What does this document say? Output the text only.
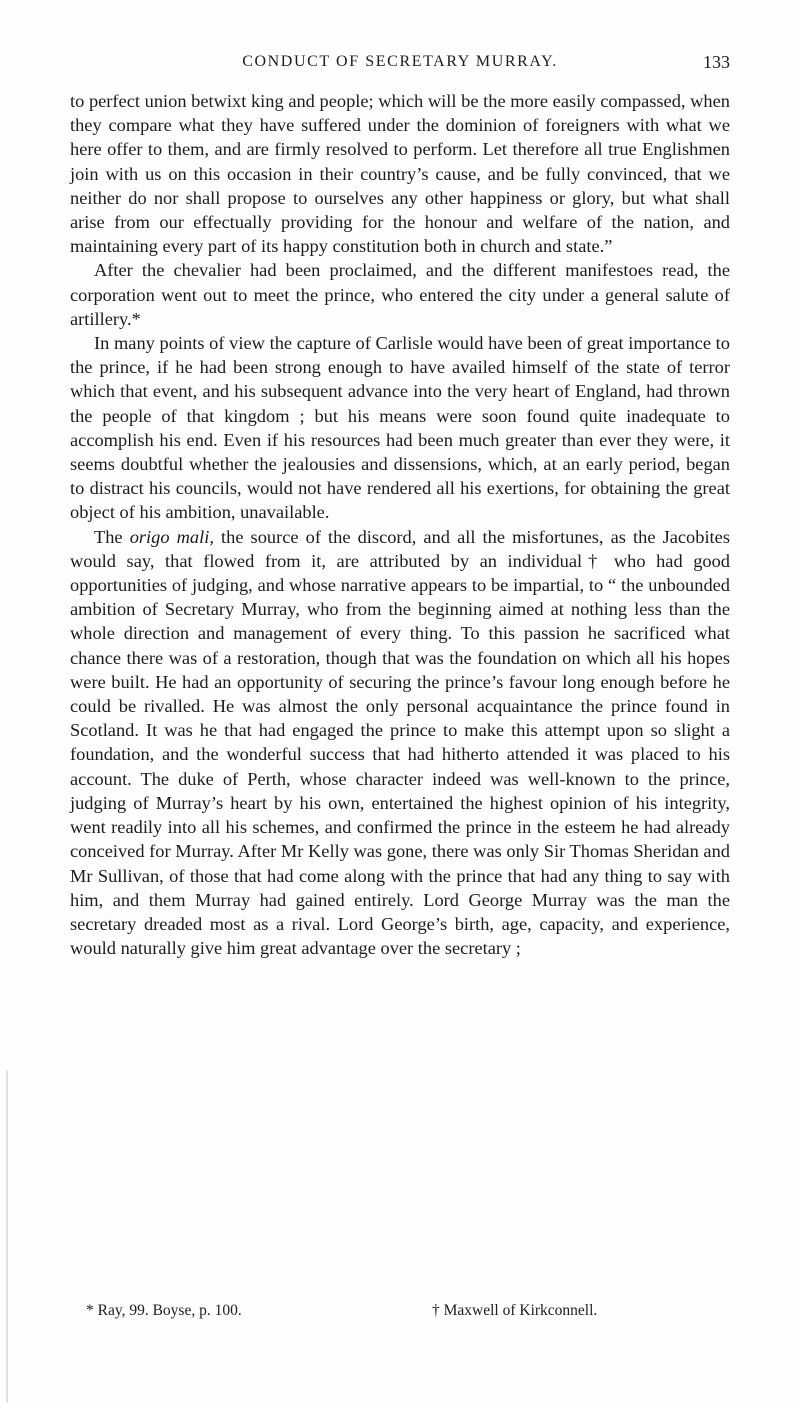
CONDUCT OF SECRETARY MURRAY.	133

to perfect union betwixt king and people; which will be the more easily compassed, when they compare what they have suffered under the dominion of foreigners with what we here offer to them, and are firmly resolved to perform. Let therefore all true Englishmen join with us on this occasion in their country’s cause, and be fully convinced, that we neither do nor shall propose to ourselves any other happiness or glory, but what shall arise from our effectually providing for the honour and welfare of the nation, and maintaining every part of its happy constitution both in church and state.”

After the chevalier had been proclaimed, and the different manifestoes read, the corporation went out to meet the prince, who entered the city under a general salute of artillery.*

In many points of view the capture of Carlisle would have been of great importance to the prince, if he had been strong enough to have availed himself of the state of terror which that event, and his subsequent advance into the very heart of England, had thrown the people of that kingdom ; but his means were soon found quite inadequate to accomplish his end. Even if his resources had been much greater than ever they were, it seems doubtful whether the jealousies and dissensions, which, at an early period, began to distract his councils, would not have rendered all his exertions, for obtaining the great object of his ambition, unavailable.

The origo mali, the source of the discord, and all the misfortunes, as the Jacobites would say, that flowed from it, are attributed by an individual† who had good opportunities of judging, and whose narrative appears to be impartial, to “ the unbounded ambition of Secretary Murray, who from the beginning aimed at nothing less than the whole direction and management of every thing. To this passion he sacrificed what chance there was of a restoration, though that was the foundation on which all his hopes were built. He had an opportunity of securing the prince’s favour long enough before he could be rivalled. He was almost the only personal acquaintance the prince found in Scotland. It was he that had engaged the prince to make this attempt upon so slight a foundation, and the wonderful success that had hitherto attended it was placed to his account. The duke of Perth, whose character indeed was well-known to the prince, judging of Murray’s heart by his own, entertained the highest opinion of his integrity, went readily into all his schemes, and confirmed the prince in the esteem he had already conceived for Murray. After Mr Kelly was gone, there was only Sir Thomas Sheridan and Mr Sullivan, of those that had come along with the prince that had any thing to say with him, and them Murray had gained entirely. Lord George Murray was the man the secretary dreaded most as a rival. Lord George’s birth, age, capacity, and experience, would naturally give him great advantage over the secretary ;

* Ray, 99. Boyse, p. 100.	† Maxwell of Kirkconnell.
